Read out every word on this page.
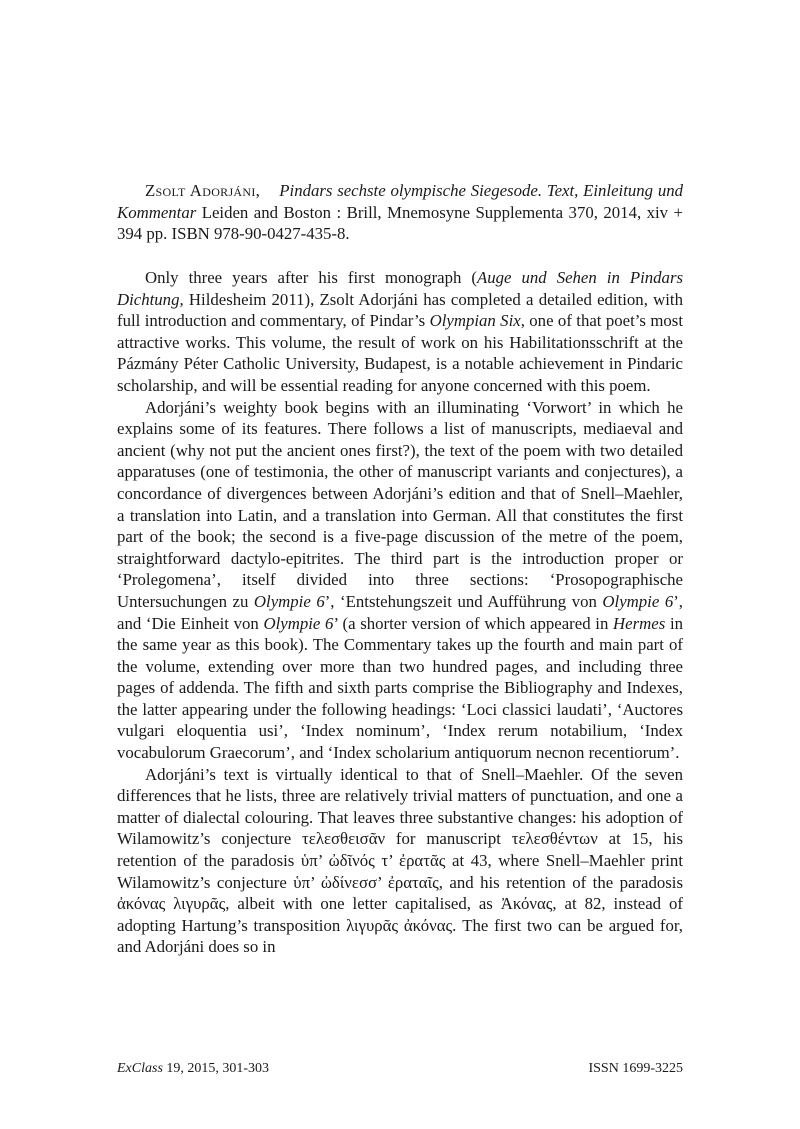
Zsolt Adorjáni, Pindars sechste olympische Siegesode. Text, Einleitung und Kommentar Leiden and Boston : Brill, Mnemosyne Supplementa 370, 2014, xiv + 394 pp. ISBN 978-90-0427-435-8.

Only three years after his first monograph (Auge und Sehen in Pindars Dichtung, Hildesheim 2011), Zsolt Adorjáni has completed a detailed edition, with full introduction and commentary, of Pindar’s Olympian Six, one of that poet’s most attractive works. This volume, the result of work on his Habilitationsschrift at the Pázmány Péter Catholic University, Budapest, is a notable achievement in Pindaric scholarship, and will be essential reading for anyone concerned with this poem.

Adorjáni’s weighty book begins with an illuminating ‘Vorwort’ in which he explains some of its features. There follows a list of manuscripts, mediaeval and ancient (why not put the ancient ones first?), the text of the poem with two detailed apparatuses (one of testimonia, the other of manuscript variants and conjectures), a concordance of divergences between Adorjáni’s edition and that of Snell–Maehler, a translation into Latin, and a translation into German. All that constitutes the first part of the book; the second is a five-page discussion of the metre of the poem, straightforward dactylo-epitrites. The third part is the introduction proper or ‘Prolegomena’, itself divided into three sections: ‘Prosopographische Untersuchungen zu Olympie 6’, ‘Entstehungszeit und Aufführung von Olympie 6’, and ‘Die Einheit von Olympie 6’ (a shorter version of which appeared in Hermes in the same year as this book). The Commentary takes up the fourth and main part of the volume, extending over more than two hundred pages, and including three pages of addenda. The fifth and sixth parts comprise the Bibliography and Indexes, the latter appearing under the following headings: ‘Loci classici laudati’, ‘Auctores vulgari eloquentia usi’, ‘Index nominum’, ‘Index rerum notabilium, ‘Index vocabulorum Graecorum’, and ‘Index scholarium antiquorum necnon recentiorum’.

Adorjáni’s text is virtually identical to that of Snell–Maehler. Of the seven differences that he lists, three are relatively trivial matters of punctuation, and one a matter of dialectal colouring. That leaves three substantive changes: his adoption of Wilamowitz’s conjecture τελεσθεισᾶν for manuscript τελεσθέντων at 15, his retention of the paradosis ὑπ’ ὠδῖνός τ’ ἐρατᾶς at 43, where Snell–Maehler print Wilamowitz’s conjecture ὑπ’ ὠδίνεσσ’ ἐραταῖς, and his retention of the paradosis ἀκόνας λιγυρᾶς, albeit with one letter capitalised, as Ἀκόνας, at 82, instead of adopting Hartung’s transposition λιγυρᾶς ἀκόνας. The first two can be argued for, and Adorjáni does so in

ExClass 19, 2015, 301-303	ISSN 1699-3225
